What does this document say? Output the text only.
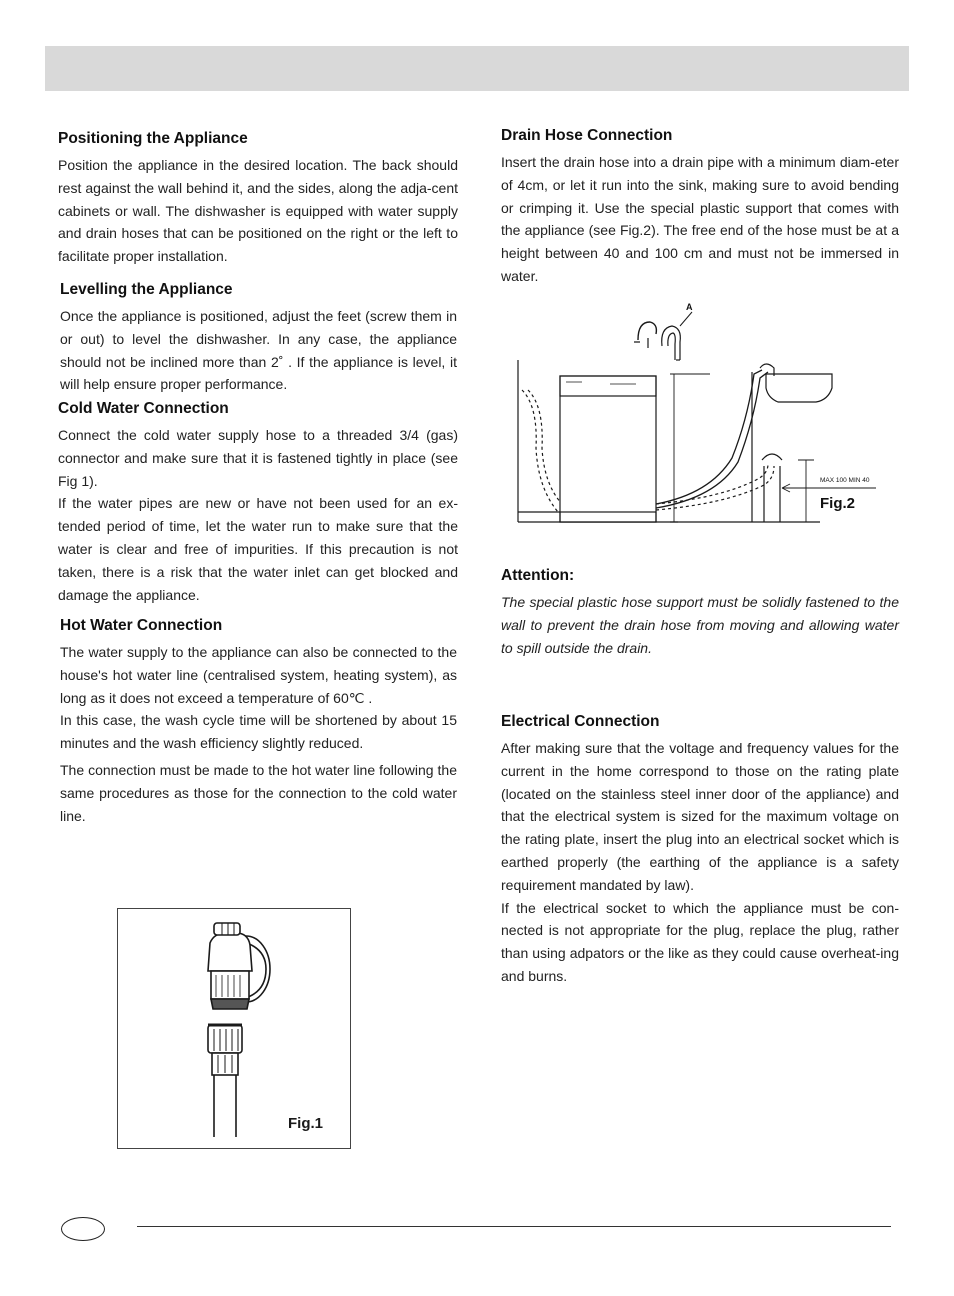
Positioning the Appliance

Position the appliance in the desired location. The back should rest against the wall behind it, and the sides, along the adja-cent cabinets or wall. The dishwasher is equipped with water supply and drain hoses that can be positioned on the right or the left to facilitate proper installation.

Levelling the Appliance

Once the appliance is positioned, adjust the feet (screw them in or out) to level the dishwasher. In any case, the appliance should not be inclined more than 2˚ . If the appliance is level, it will help ensure proper performance.

Cold Water Connection

Connect the cold water supply hose to a threaded 3/4 (gas) connector and make sure that it is fastened tightly in place (see Fig 1).

If the water pipes are new or have not been used for an ex-tended period of time, let the water run to make sure that the water is clear and free of impurities. If this precaution is not taken, there is a risk that the water inlet can get blocked and damage the appliance.

Hot Water Connection

The water supply to the appliance can also be connected to the house's hot water line (centralised system, heating system), as long as it does not exceed a temperature of 60℃ .

In this case, the wash cycle time will be shortened by about 15 minutes and the wash efficiency slightly reduced.

The connection must be made to the hot water line following the same procedures as those for the connection to the cold water line.

Fig.1
Drain Hose Connection

Insert the drain hose into a drain pipe with a minimum diam-eter of 4cm, or let it run into the sink, making sure to avoid bending or crimping it. Use the special plastic support that comes with the appliance (see Fig.2). The free end of the hose must be at a height between 40 and 100 cm and must not be immersed in water.

A
MAX 100 MIN 40
Fig.2
Attention:

The special plastic hose support must be solidly fastened to the wall to prevent the drain hose from moving and allowing water to spill outside the drain.

Electrical Connection

After making sure that the voltage and frequency values for the current in the home correspond to those on the rating plate (located on the stainless steel inner door of the appliance) and that the electrical system is sized for the maximum voltage on the rating plate, insert the plug into an electrical socket which is earthed properly (the earthing of the appliance is a safety requirement mandated by law).

If the electrical socket to which the appliance must be con-nected is not appropriate for the plug, replace the plug, rather than using adpators or the like as they could cause overheat-ing and burns.
